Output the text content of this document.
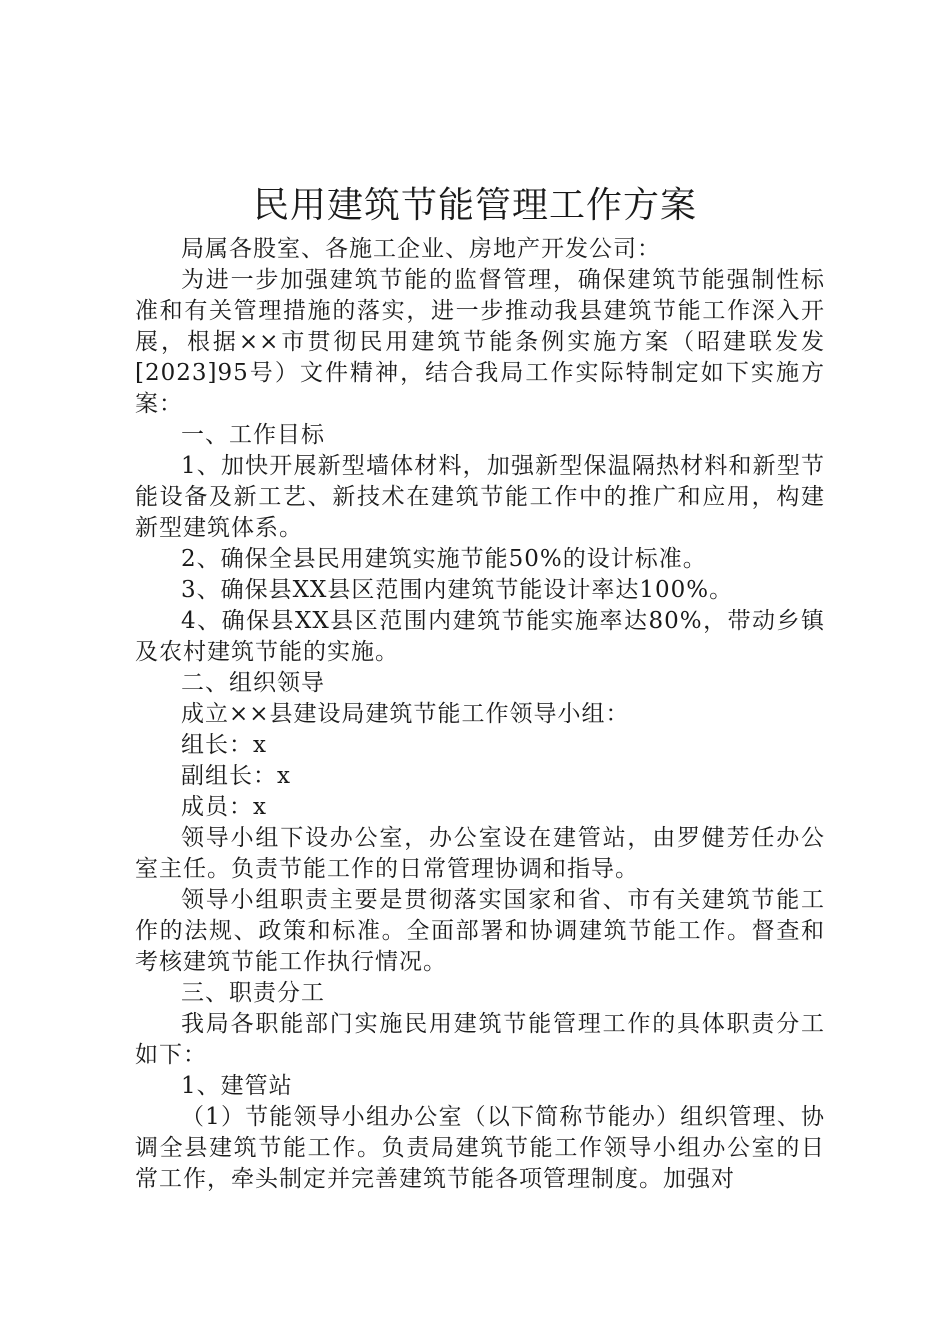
民用建筑节能管理工作方案

局属各股室、各施工企业、房地产开发公司：

为进一步加强建筑节能的监督管理，确保建筑节能强制性标准和有关管理措施的落实，进一步推动我县建筑节能工作深入开展，根据××市贯彻民用建筑节能条例实施方案（昭建联发发[2023]95号）文件精神，结合我局工作实际特制定如下实施方案：

一、工作目标

1、加快开展新型墙体材料，加强新型保温隔热材料和新型节能设备及新工艺、新技术在建筑节能工作中的推广和应用，构建新型建筑体系。

2、确保全县民用建筑实施节能50%的设计标准。

3、确保县XX县区范围内建筑节能设计率达100%。

4、确保县XX县区范围内建筑节能实施率达80%，带动乡镇及农村建筑节能的实施。

二、组织领导

成立××县建设局建筑节能工作领导小组：

组长：x

副组长：x

成员：x

领导小组下设办公室，办公室设在建管站，由罗健芳任办公室主任。负责节能工作的日常管理协调和指导。

领导小组职责主要是贯彻落实国家和省、市有关建筑节能工作的法规、政策和标准。全面部署和协调建筑节能工作。督查和考核建筑节能工作执行情况。

三、职责分工

我局各职能部门实施民用建筑节能管理工作的具体职责分工如下：

1、建管站

（1）节能领导小组办公室（以下简称节能办）组织管理、协调全县建筑节能工作。负责局建筑节能工作领导小组办公室的日常工作，牵头制定并完善建筑节能各项管理制度。加强对
